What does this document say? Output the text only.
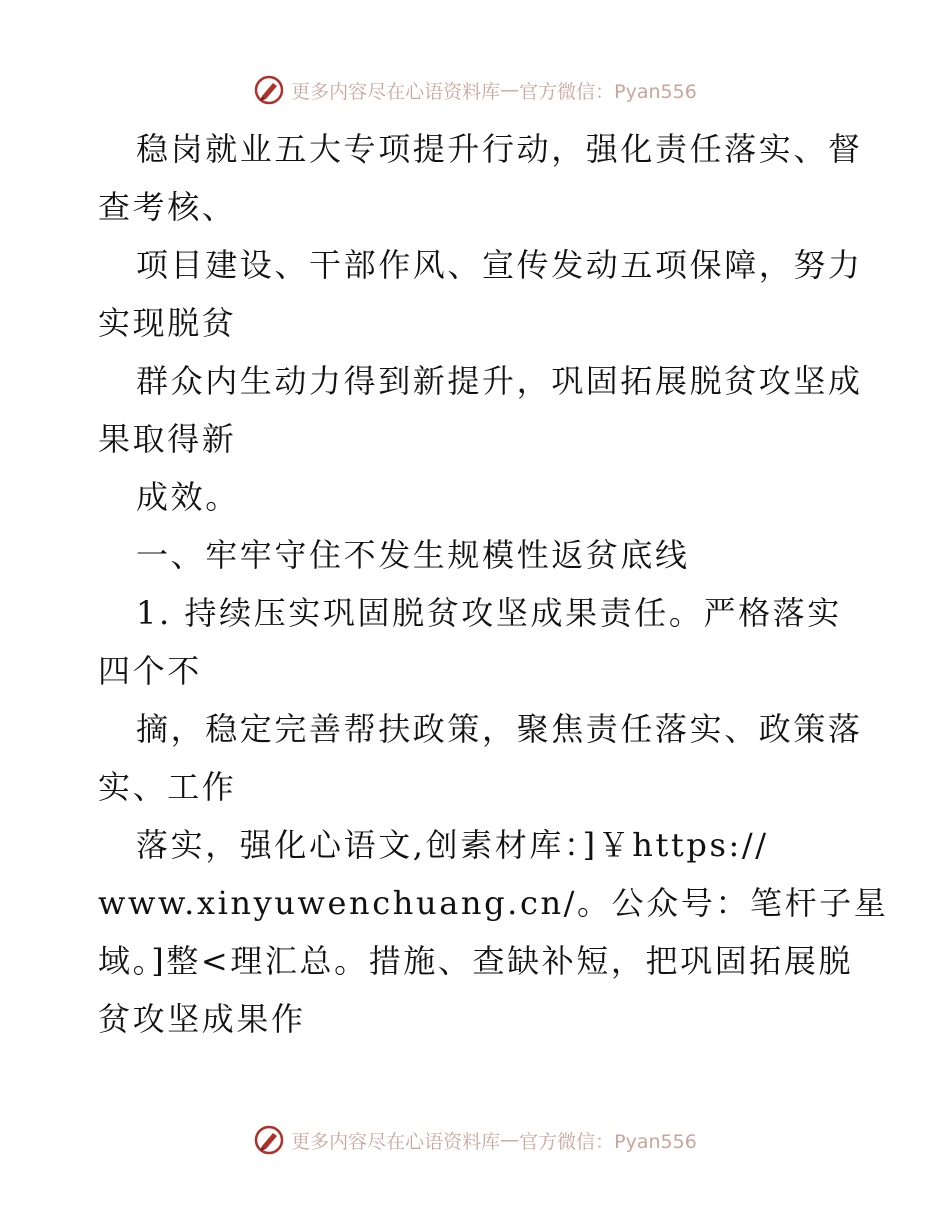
更多内容尽在心语资料库 — 官方微信：Pyan556
稳岗就业五大专项提升行动，强化责任落实、督
查考核、
项目建设、干部作风、宣传发动五项保障，努力
实现脱贫
群众内生动力得到新提升，巩固拓展脱贫攻坚成
果取得新
成效。
一、牢牢守住不发生规模性返贫底线
1. 持续压实巩固脱贫攻坚成果责任。严格落实
四个不
摘，稳定完善帮扶政策，聚焦责任落实、政策落
实、工作
落实，强化心语文,创素材库：]￥https://
www.xinyuwenchuang.cn/。公众号：笔杆子星
域。]整<理汇总。措施、查缺补短，把巩固拓展脱
贫攻坚成果作
更多内容尽在心语资料库 — 官方微信：Pyan556
